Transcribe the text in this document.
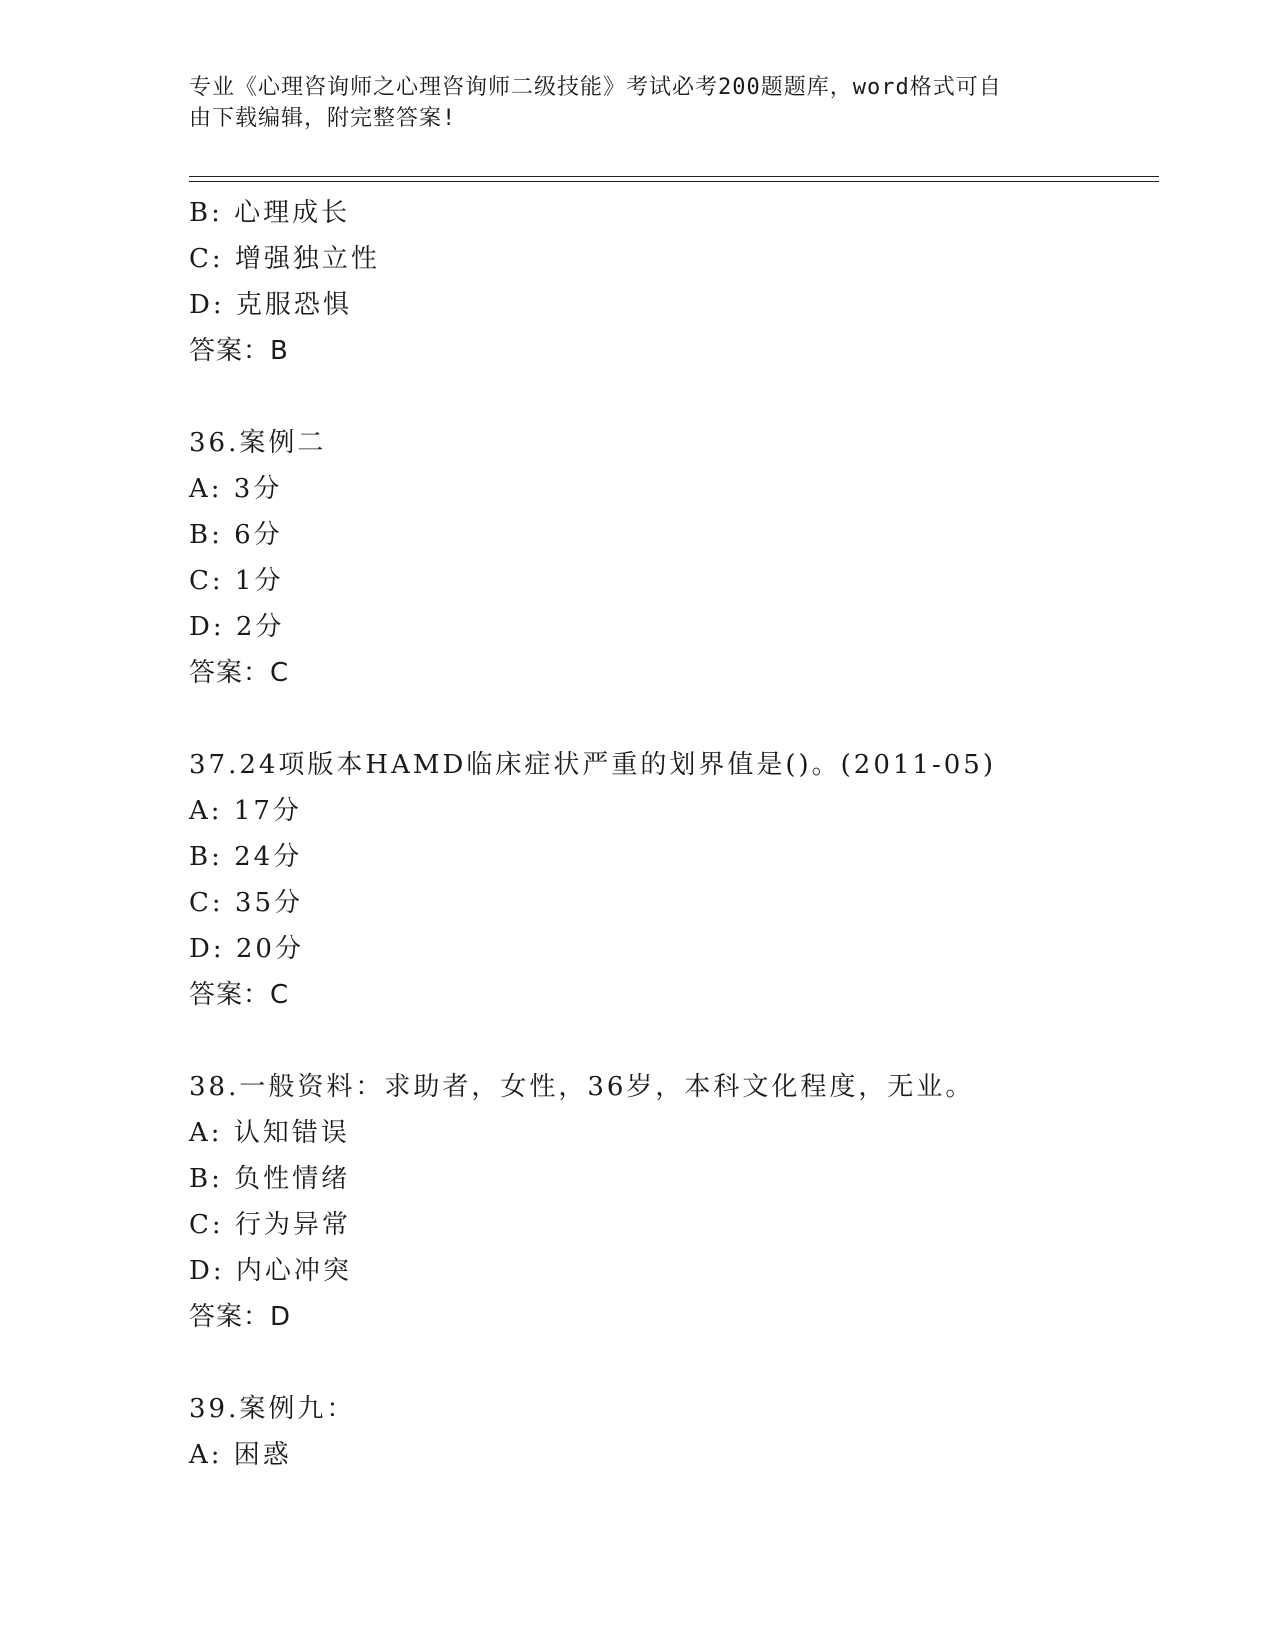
专业《心理咨询师之心理咨询师二级技能》考试必考200题题库，word格式可自
由下载编辑，附完整答案!
B: 心理成长
C: 增强独立性
D: 克服恐惧
答案：B
36.案例二
A: 3分
B: 6分
C: 1分
D: 2分
答案：C
37.24项版本HAMD临床症状严重的划界值是()。(2011-05)
A: 17分
B: 24分
C: 35分
D: 20分
答案：C
38.一般资料：求助者，女性，36岁，本科文化程度，无业。
A: 认知错误
B: 负性情绪
C: 行为异常
D: 内心冲突
答案：D
39.案例九：
A: 困惑
